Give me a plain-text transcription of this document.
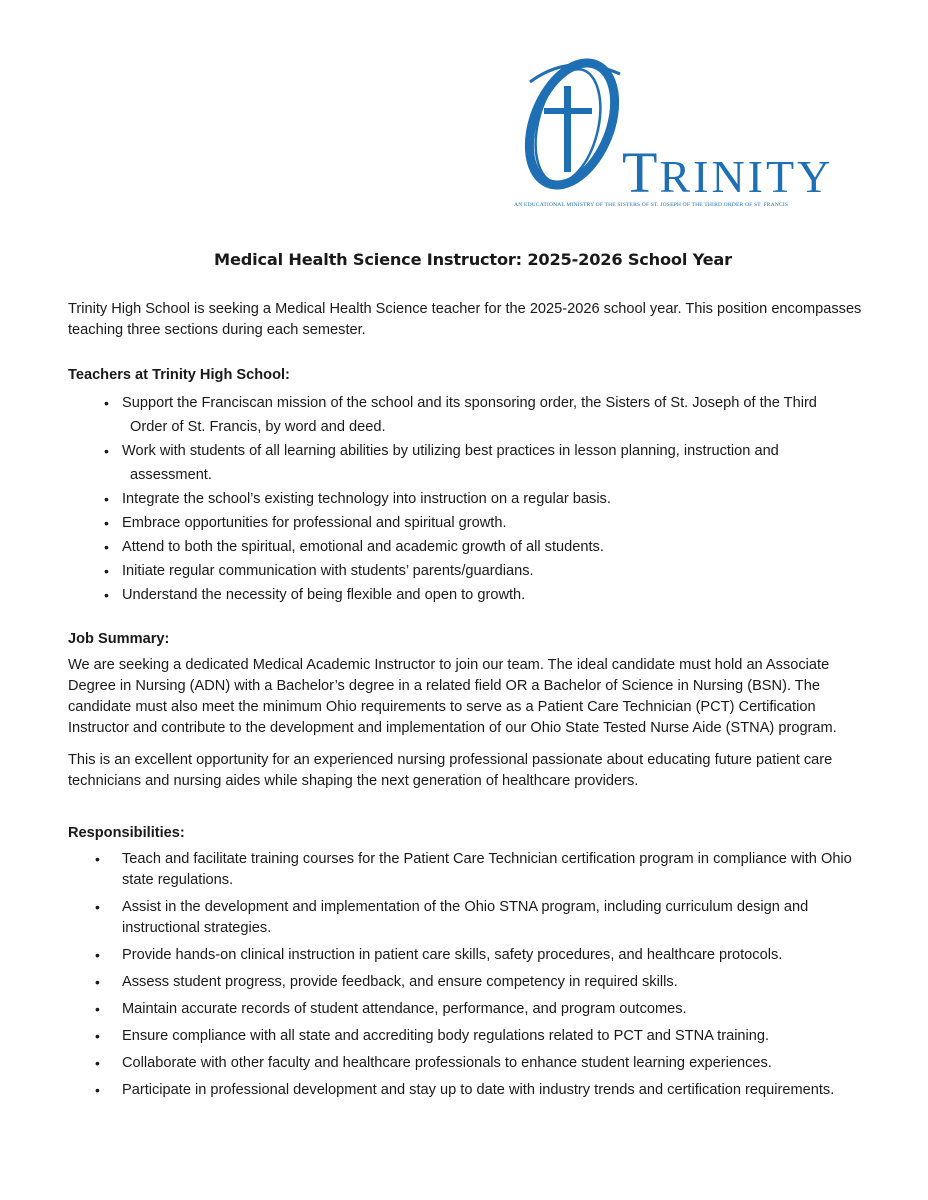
TRINITY
AN EDUCATIONAL MINISTRY OF THE SISTERS OF ST. JOSEPH OF THE THIRD ORDER OF ST. FRANCIS
Medical Health Science Instructor: 2025-2026 School Year

Trinity High School is seeking a Medical Health Science teacher for the 2025-2026 school year. This position encompasses teaching three sections during each semester.

Teachers at Trinity High School:
• Support the Franciscan mission of the school and its sponsoring order, the Sisters of St. Joseph of the Third
Order of St. Francis, by word and deed.
• Work with students of all learning abilities by utilizing best practices in lesson planning, instruction and
assessment.
• Integrate the school’s existing technology into instruction on a regular basis.
• Embrace opportunities for professional and spiritual growth.
• Attend to both the spiritual, emotional and academic growth of all students.
• Initiate regular communication with students’ parents/guardians.
• Understand the necessity of being flexible and open to growth.
Job Summary:

We are seeking a dedicated Medical Academic Instructor to join our team. The ideal candidate must hold an Associate Degree in Nursing (ADN) with a Bachelor’s degree in a related field OR a Bachelor of Science in Nursing (BSN). The candidate must also meet the minimum Ohio requirements to serve as a Patient Care Technician (PCT) Certification Instructor and contribute to the development and implementation of our Ohio State Tested Nurse Aide (STNA) program.

This is an excellent opportunity for an experienced nursing professional passionate about educating future patient care technicians and nursing aides while shaping the next generation of healthcare providers.

Responsibilities:
• Teach and facilitate training courses for the Patient Care Technician certification program in compliance with Ohio state regulations.
• Assist in the development and implementation of the Ohio STNA program, including curriculum design and instructional strategies.
• Provide hands-on clinical instruction in patient care skills, safety procedures, and healthcare protocols.
• Assess student progress, provide feedback, and ensure competency in required skills.
• Maintain accurate records of student attendance, performance, and program outcomes.
• Ensure compliance with all state and accrediting body regulations related to PCT and STNA training.
• Collaborate with other faculty and healthcare professionals to enhance student learning experiences.
• Participate in professional development and stay up to date with industry trends and certification requirements.
